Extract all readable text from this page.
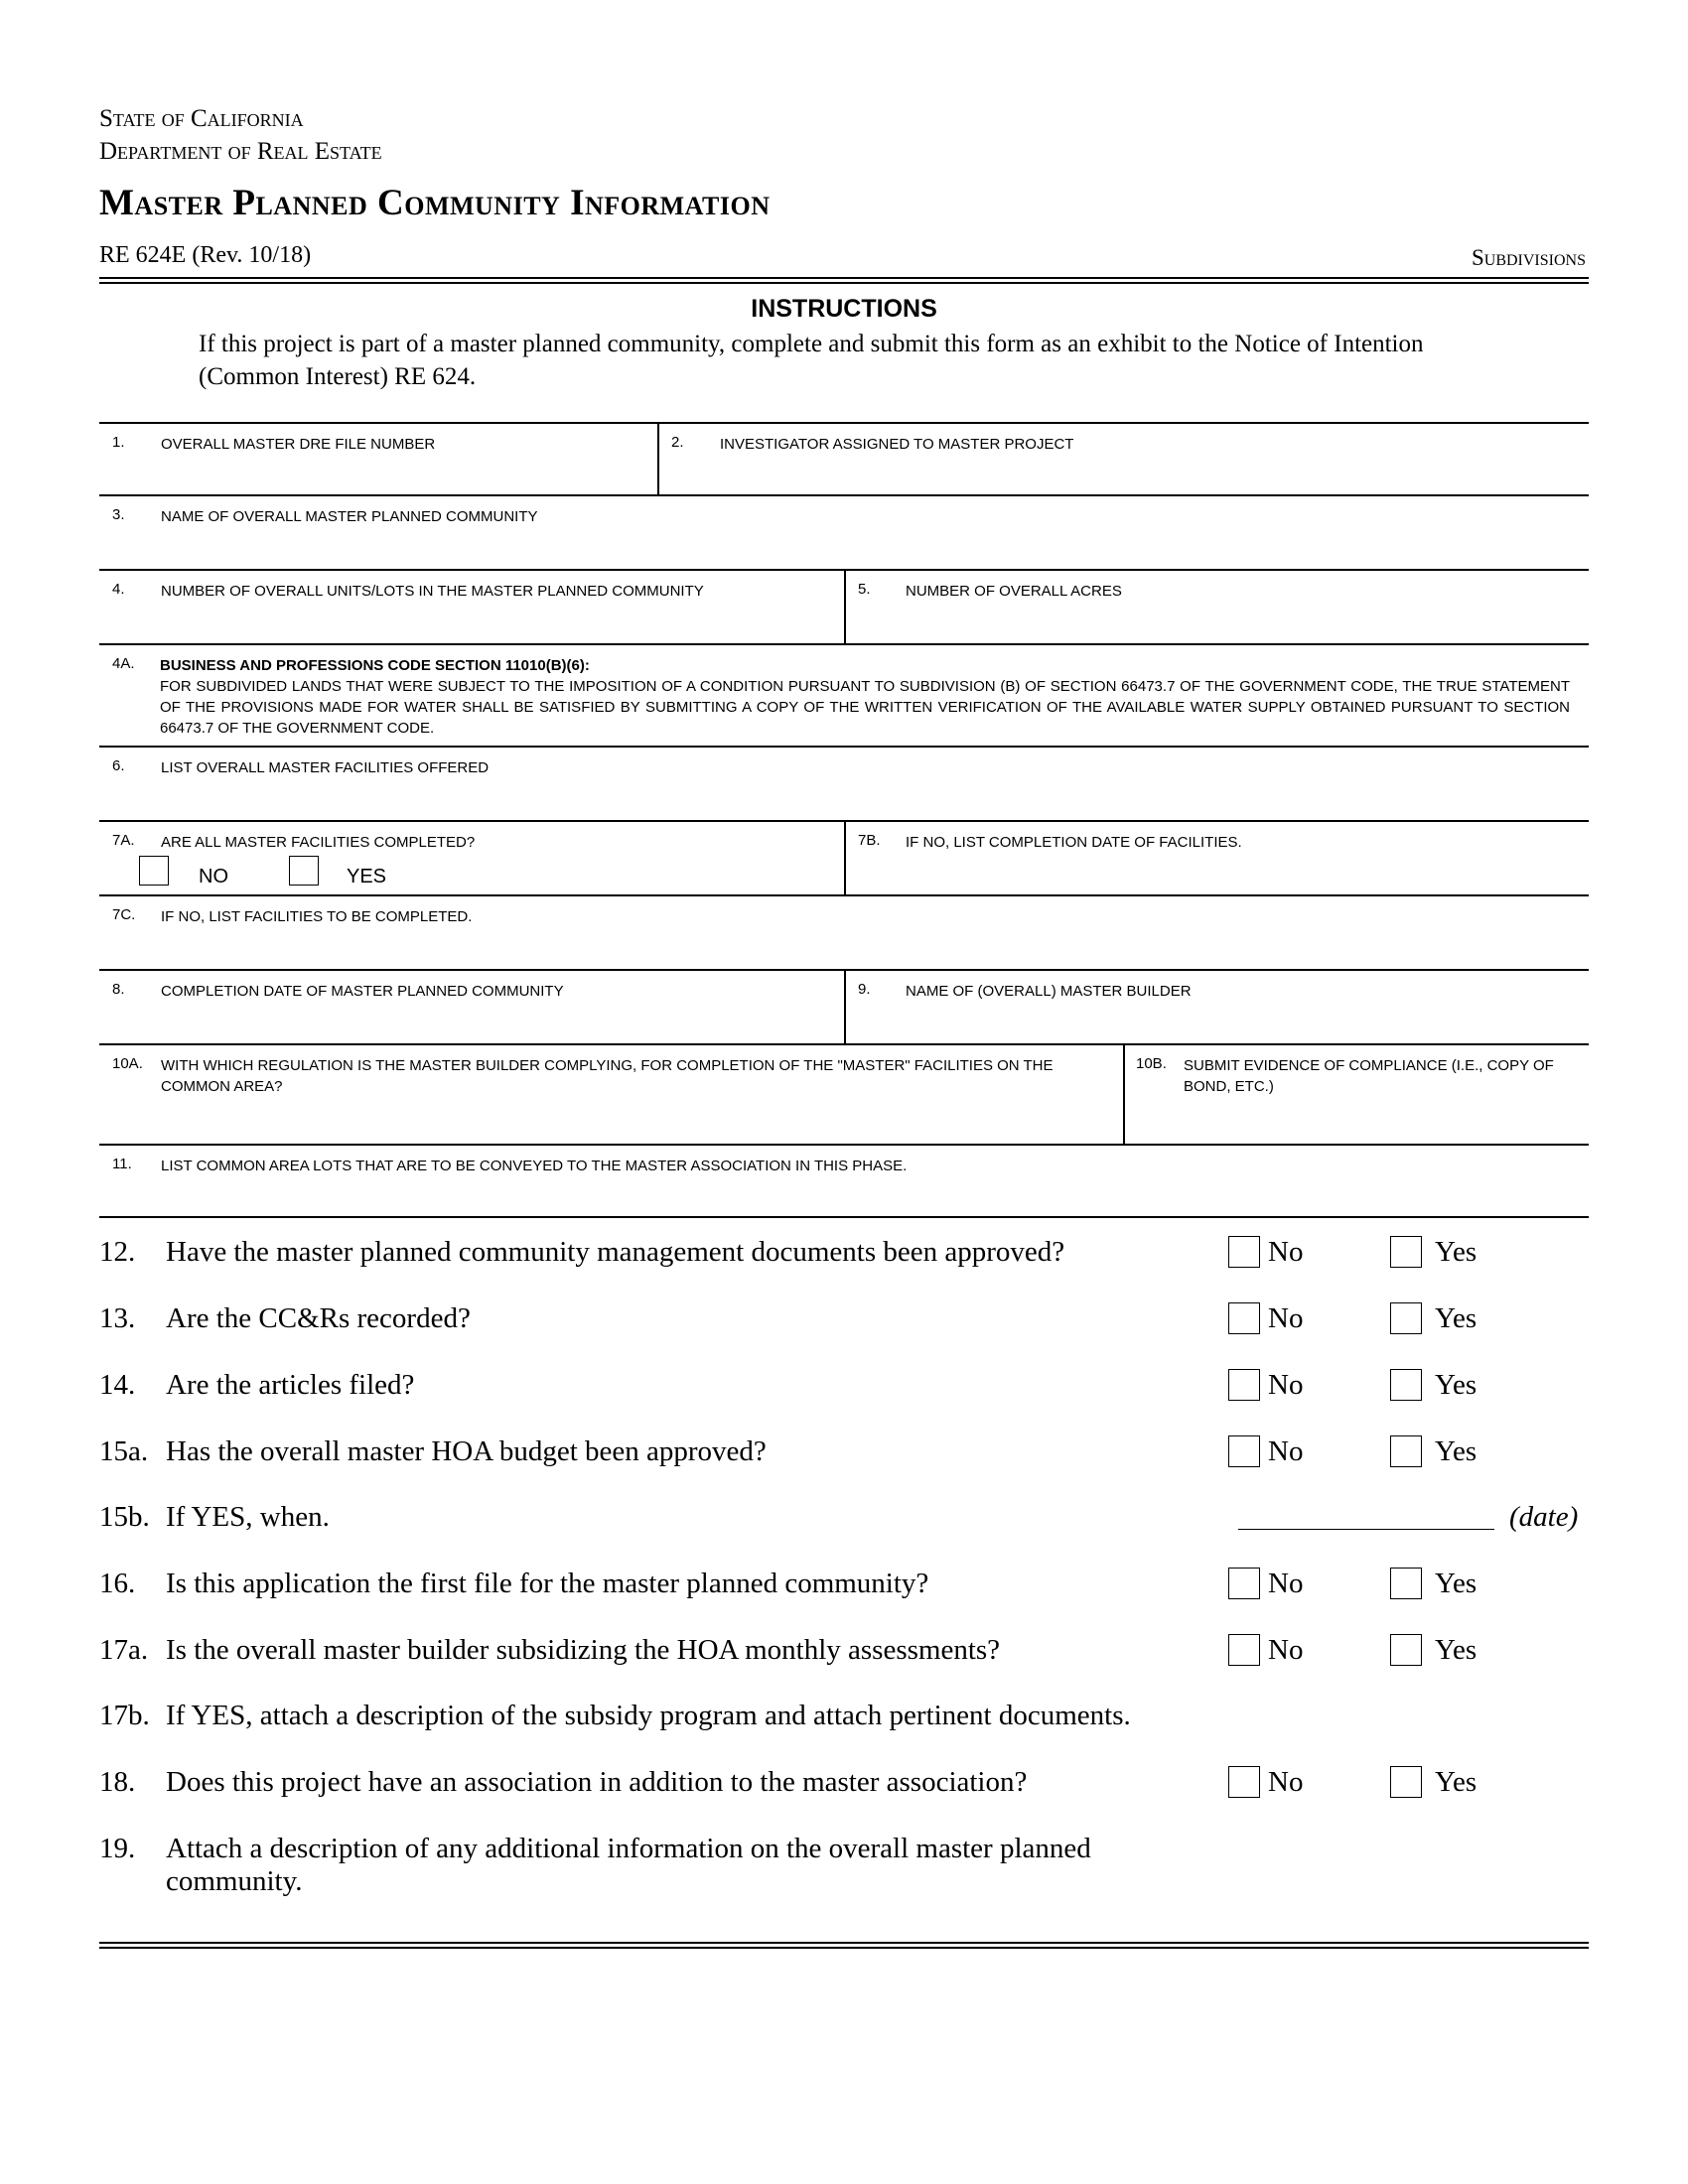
State of California
Department of Real Estate
Master Planned Community Information
RE 624E (Rev. 10/18)	Subdivisions
INSTRUCTIONS
If this project is part of a master planned community, complete and submit this form as an exhibit to the Notice of Intention (Common Interest) RE 624.
1. OVERALL MASTER DRE FILE NUMBER	2. INVESTIGATOR ASSIGNED TO MASTER PROJECT
3. NAME OF OVERALL MASTER PLANNED COMMUNITY
4. NUMBER OF OVERALL UNITS/LOTS IN THE MASTER PLANNED COMMUNITY	5. NUMBER OF OVERALL ACRES
4A. BUSINESS AND PROFESSIONS CODE SECTION 11010(B)(6):
FOR SUBDIVIDED LANDS THAT WERE SUBJECT TO THE IMPOSITION OF A CONDITION PURSUANT TO SUBDIVISION (B) OF SECTION 66473.7 OF THE GOVERNMENT CODE, THE TRUE STATEMENT OF THE PROVISIONS MADE FOR WATER SHALL BE SATISFIED BY SUBMITTING A COPY OF THE WRITTEN VERIFICATION OF THE AVAILABLE WATER SUPPLY OBTAINED PURSUANT TO SECTION 66473.7 OF THE GOVERNMENT CODE.
6. LIST OVERALL MASTER FACILITIES OFFERED
7A. ARE ALL MASTER FACILITIES COMPLETED?
NO	YES
7B. IF NO, LIST COMPLETION DATE OF FACILITIES.
7C. IF NO, LIST FACILITIES TO BE COMPLETED.
8. COMPLETION DATE OF MASTER PLANNED COMMUNITY	9. NAME OF (OVERALL) MASTER BUILDER
10A. WITH WHICH REGULATION IS THE MASTER BUILDER COMPLYING, FOR COMPLETION OF THE "MASTER" FACILITIES ON THE COMMON AREA?
10B. SUBMIT EVIDENCE OF COMPLIANCE (I.E., COPY OF BOND, ETC.)
11. LIST COMMON AREA LOTS THAT ARE TO BE CONVEYED TO THE MASTER ASSOCIATION IN THIS PHASE.
12. Have the master planned community management documents been approved?	No	Yes
13. Are the CC&Rs recorded?	No	Yes
14. Are the articles filed?	No	Yes
15a. Has the overall master HOA budget been approved?	No	Yes
15b. If YES, when.	(date)
16. Is this application the first file for the master planned community?	No	Yes
17a. Is the overall master builder subsidizing the HOA monthly assessments?	No	Yes
17b. If YES, attach a description of the subsidy program and attach pertinent documents.
18. Does this project have an association in addition to the master association?	No	Yes
19. Attach a description of any additional information on the overall master planned community.
